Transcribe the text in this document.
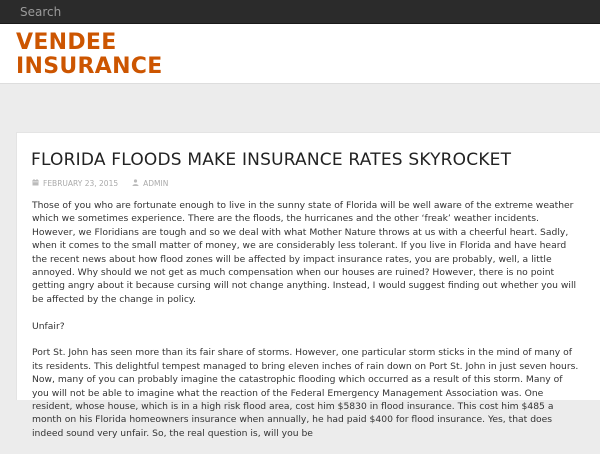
Search
VENDEE INSURANCE
FLORIDA FLOODS MAKE INSURANCE RATES SKYROCKET
FEBRUARY 23, 2015	ADMIN

Those of you who are fortunate enough to live in the sunny state of Florida will be well aware of the extreme weather which we sometimes experience. There are the floods, the hurricanes and the other ‘freak’ weather incidents. However, we Floridians are tough and so we deal with what Mother Nature throws at us with a cheerful heart. Sadly, when it comes to the small matter of money, we are considerably less tolerant. If you live in Florida and have heard the recent news about how flood zones will be affected by impact insurance rates, you are probably, well, a little annoyed. Why should we not get as much compensation when our houses are ruined? However, there is no point getting angry about it because cursing will not change anything. Instead, I would suggest finding out whether you will be affected by the change in policy.

Unfair?

Port St. John has seen more than its fair share of storms. However, one particular storm sticks in the mind of many of its residents. This delightful tempest managed to bring eleven inches of rain down on Port St. John in just seven hours. Now, many of you can probably imagine the catastrophic flooding which occurred as a result of this storm. Many of you will not be able to imagine what the reaction of the Federal Emergency Management Association was. One resident, whose house, which is in a high risk flood area, cost him $5830 in flood insurance. This cost him $485 a month on his Florida homeowners insurance when annually, he had paid $400 for flood insurance. Yes, that does indeed sound very unfair. So, the real question is, will you be
